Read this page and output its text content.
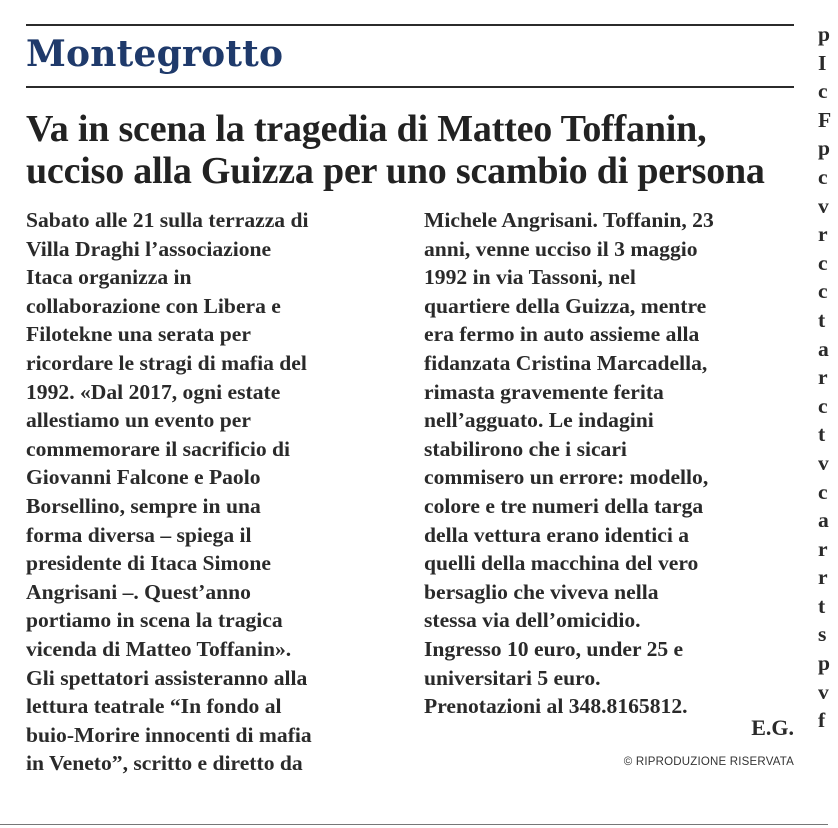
Montegrotto
Va in scena la tragedia di Matteo Toffanin,
ucciso alla Guizza per uno scambio di persona
Sabato alle 21 sulla terrazza di
Villa Draghi l’associazione
Itaca organizza in
collaborazione con Libera e
Filotekne una serata per
ricordare le stragi di mafia del
1992. «Dal 2017, ogni estate
allestiamo un evento per
commemorare il sacrificio di
Giovanni Falcone e Paolo
Borsellino, sempre in una
forma diversa – spiega il
presidente di Itaca Simone
Angrisani –. Quest’anno
portiamo in scena la tragica
vicenda di Matteo Toffanin».
Gli spettatori assisteranno alla
lettura teatrale “In fondo al
buio-Morire innocenti di mafia
in Veneto”, scritto e diretto da
Michele Angrisani. Toffanin, 23
anni, venne ucciso il 3 maggio
1992 in via Tassoni, nel
quartiere della Guizza, mentre
era fermo in auto assieme alla
fidanzata Cristina Marcadella,
rimasta gravemente ferita
nell’agguato. Le indagini
stabilirono che i sicari
commisero un errore: modello,
colore e tre numeri della targa
della vettura erano identici a
quelli della macchina del vero
bersaglio che viveva nella
stessa via dell’omicidio.
Ingresso 10 euro, under 25 e
universitari 5 euro.
Prenotazioni al 348.8165812.
p
I
c
F
p
c
v
r
c
c
t
a
r
c
t
v
c
a
r
r
t
s
p
v
f
E.G.
© RIPRODUZIONE RISERVATA
